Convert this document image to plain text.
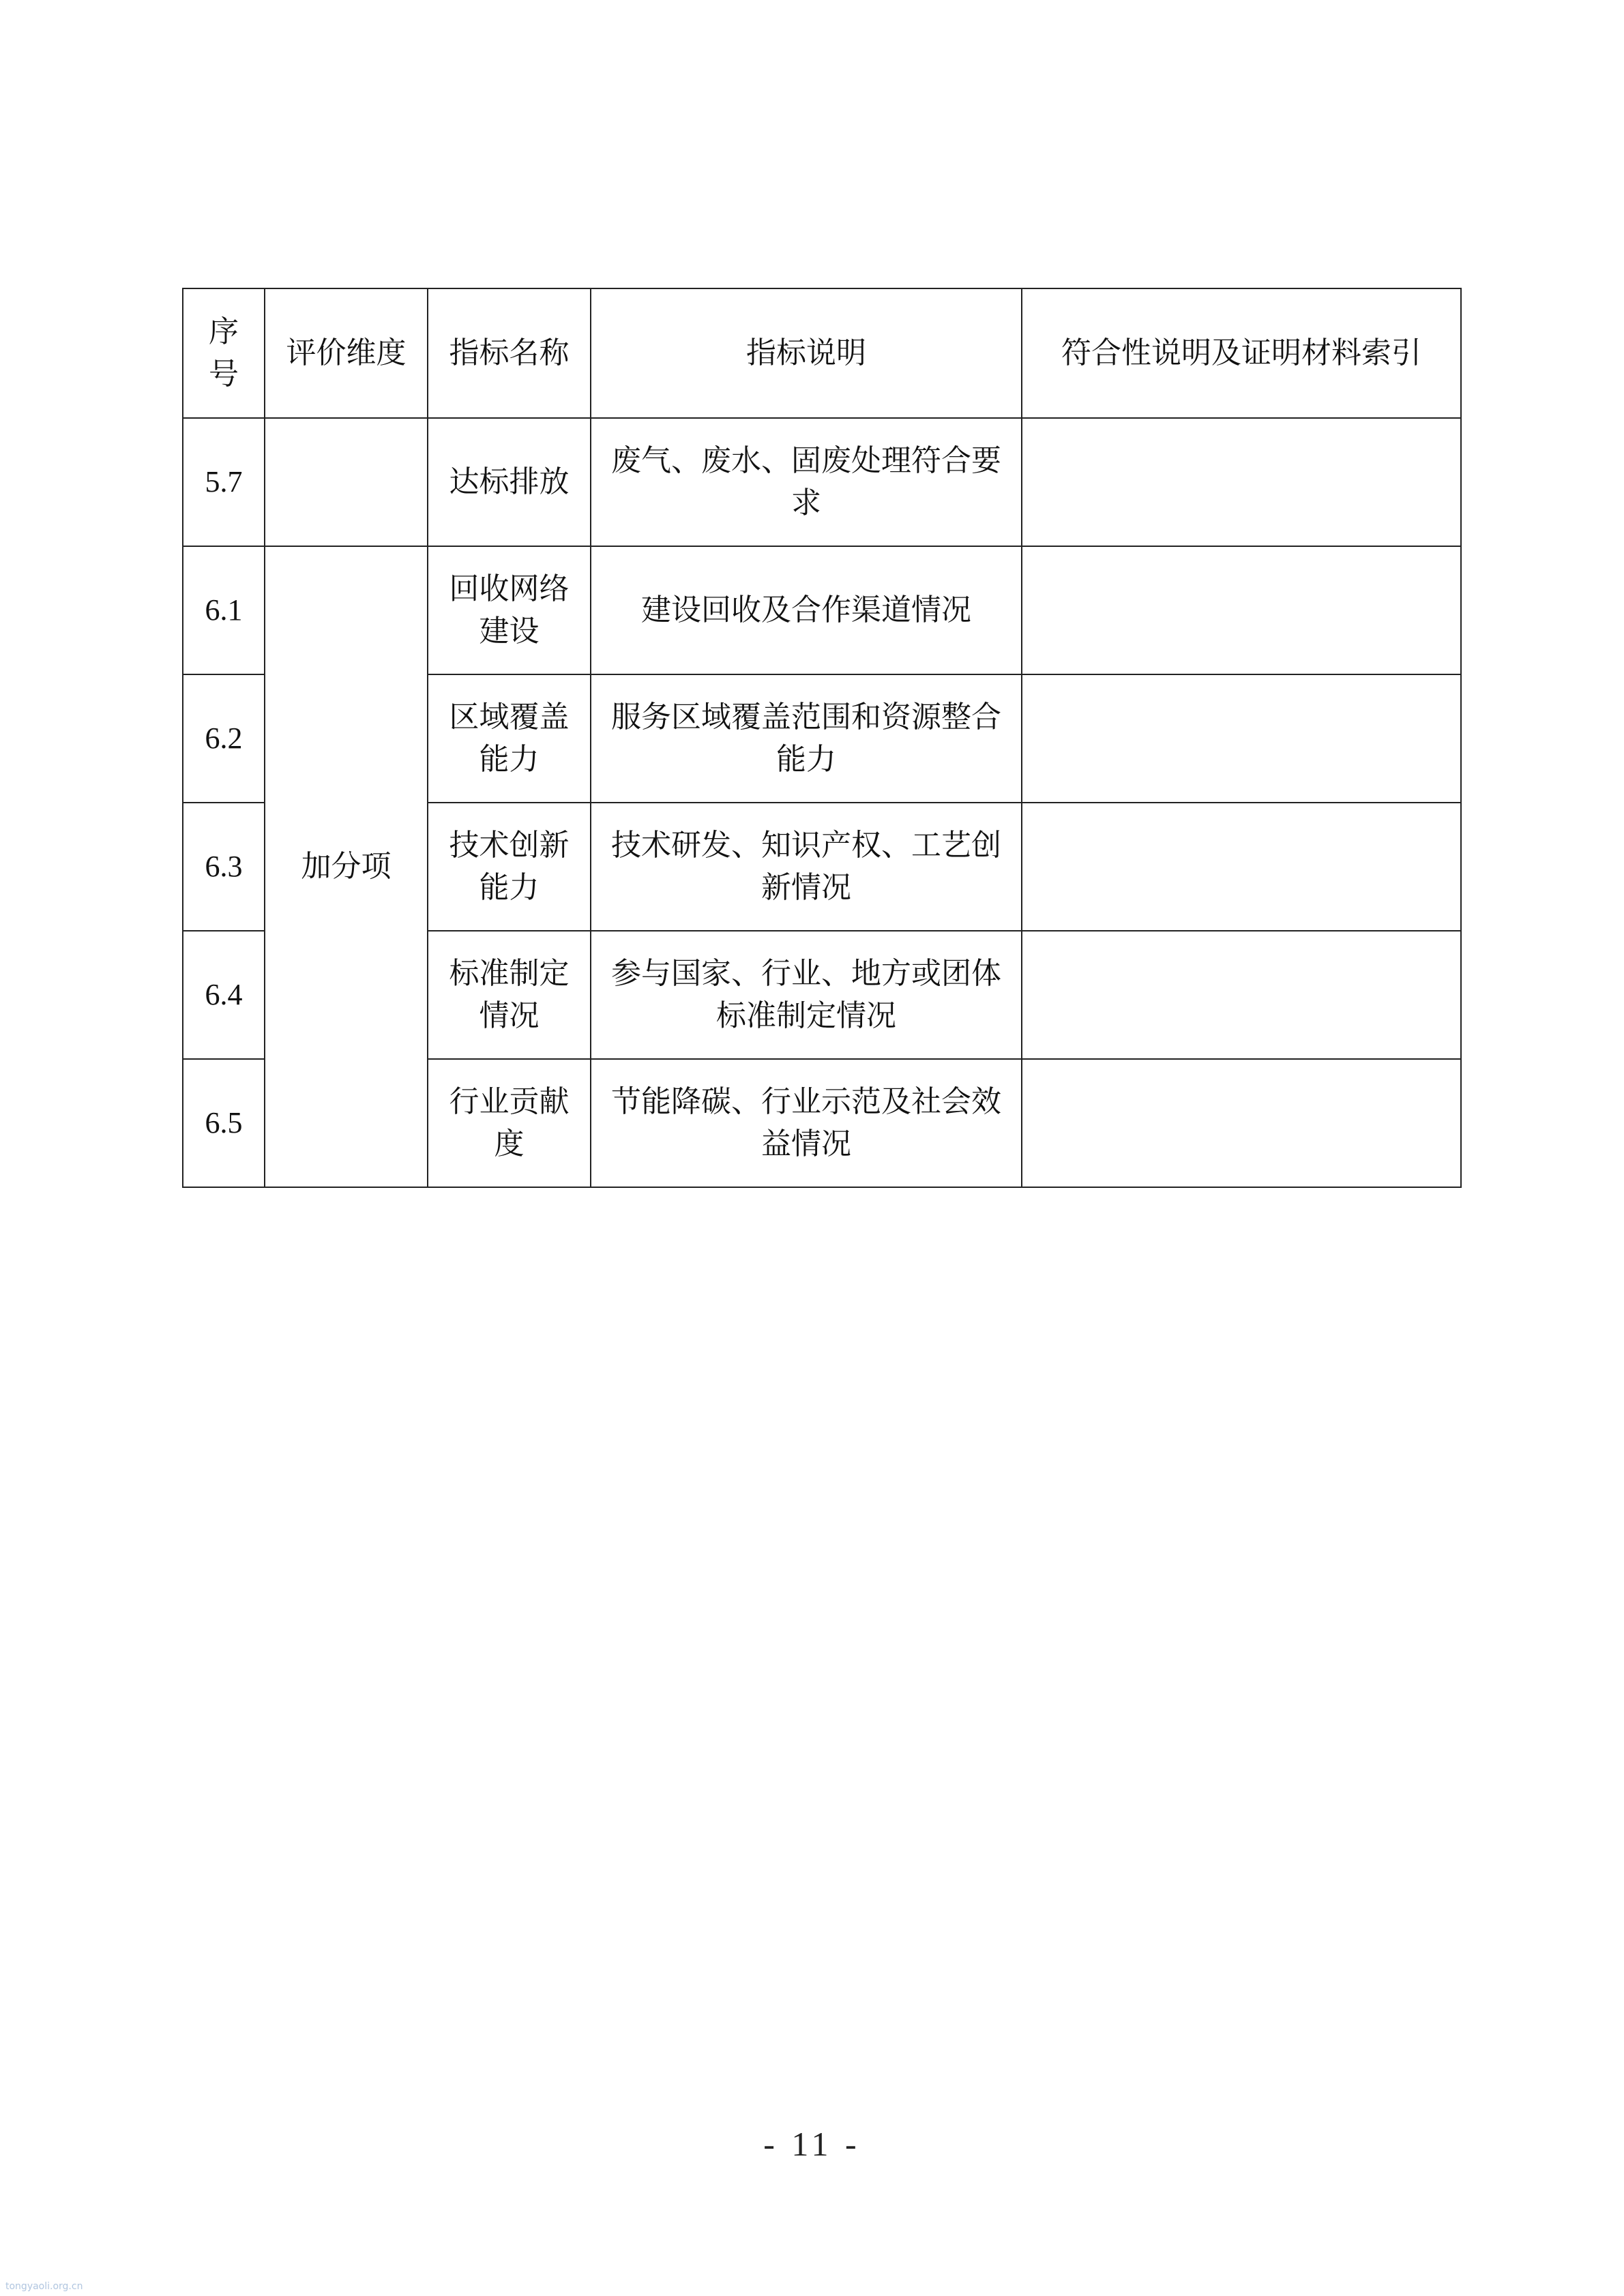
序号	评价维度	指标名称	指标说明	符合性说明及证明材料索引
5.7		达标排放	废气、废水、固废处理符合要求	
6.1	加分项	回收网络建设	建设回收及合作渠道情况	
6.2		区域覆盖能力	服务区域覆盖范围和资源整合能力	
6.3		技术创新能力	技术研发、知识产权、工艺创新情况	
6.4		标准制定情况	参与国家、行业、地方或团体标准制定情况	
6.5		行业贡献度	节能降碳、行业示范及社会效益情况	
- 11 -
tongyaoli.org.cn
